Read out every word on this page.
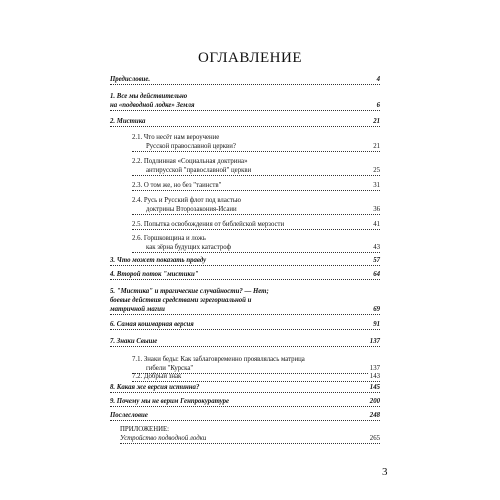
ОГЛАВЛЕНИЕ
Предисловие.	4
1. Все мы действительно
на «подводной лодке» Земля	6
2. Мистика	21
2.1. Что несёт нам вероучение
Русской православной церкви?	21
2.2. Подлинная «Социальная доктрина»
антирусской "православной" церкви	25
2.3. О том же, но без "таинств"	31
2.4. Русь и Русский флот под властью
доктрины Второзакония-Исаии	36
2.5. Попытка освобождения от библейской мерзости	41
2.6. Горшковщина и ложь
как зёрна будущих катастроф	43
3. Что может показать правду	57
4. Второй поток "мистики"	64
5. "Мистика" и трагические случайности? — Нет;
боевые действия средствами эгрегориальной и
матричной магии	69
6. Самая кошмарная версия	91
7. Знаки Свыше	137
7.1. Знаки беды: Как заблаговременно проявлялась матрица
гибели "Курска"	137
7.2. Добрый знак	143
8. Какая же версия истинна?	145
9. Почему мы не верим Генпрокуратуре	200
Послесловие	248
ПРИЛОЖЕНИЕ:
Устройство подводной лодки	265
3
